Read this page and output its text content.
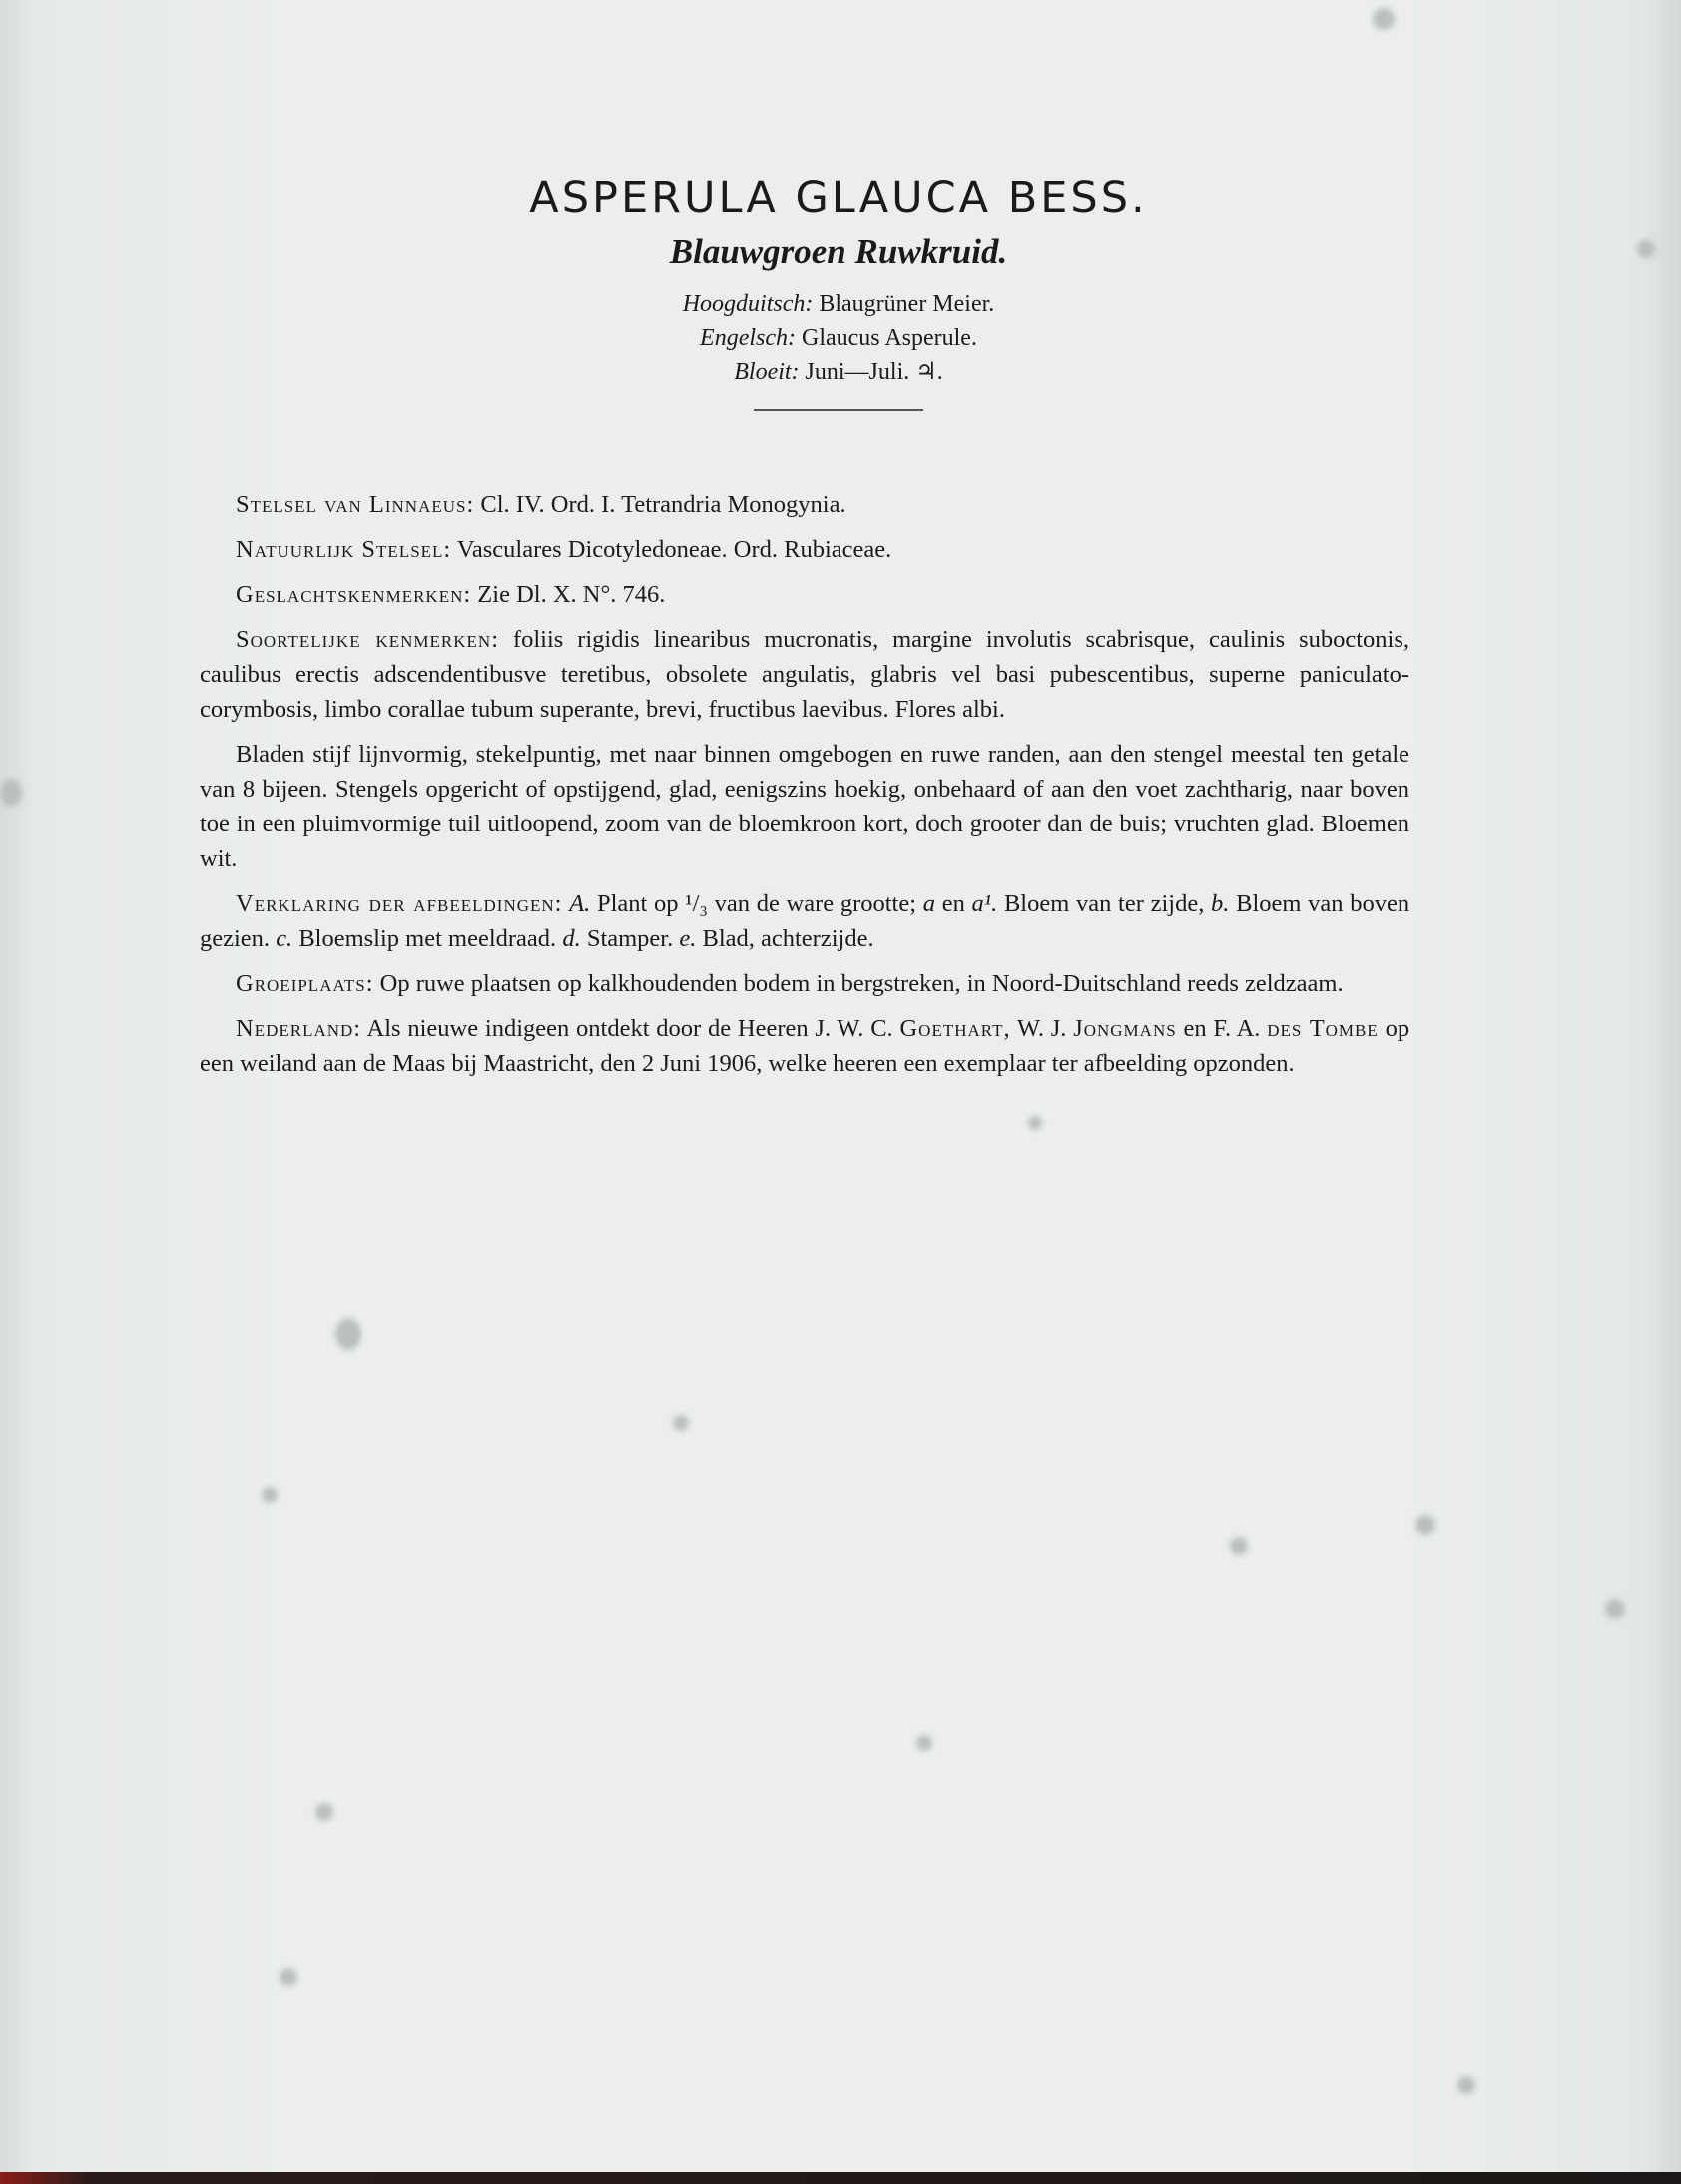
ASPERULA GLAUCA BESS.
Blauwgroen Ruwkruid.

Hoogduitsch: Blaugrüner Meier.

Engelsch: Glaucus Asperule.

Bloeit: Juni—Juli. ♃.

Stelsel van Linnaeus: Cl. IV. Ord. I. Tetrandria Monogynia.

Natuurlijk Stelsel: Vasculares Dicotyledoneae. Ord. Rubiaceae.

Geslachtskenmerken: Zie Dl. X. N°. 746.

Soortelijke kenmerken: foliis rigidis linearibus mucronatis, margine involutis scabrisque, caulinis suboctonis, caulibus erectis adscendentibusve teretibus, obsolete angulatis, glabris vel basi pubescentibus, superne paniculato-corymbosis, limbo corallae tubum superante, brevi, fructibus laevibus. Flores albi.

Bladen stijf lijnvormig, stekelpuntig, met naar binnen omgebogen en ruwe randen, aan den stengel meestal ten getale van 8 bijeen. Stengels opgericht of opstijgend, glad, eenigszins hoekig, onbehaard of aan den voet zachtharig, naar boven toe in een pluimvormige tuil uitloopend, zoom van de bloemkroon kort, doch grooter dan de buis; vruchten glad. Bloemen wit.

Verklaring der afbeeldingen: A. Plant op ¹/₃ van de ware grootte; a en a¹. Bloem van ter zijde, b. Bloem van boven gezien. c. Bloemslip met meeldraad. d. Stamper. e. Blad, achterzijde.

Groeiplaats: Op ruwe plaatsen op kalkhoudenden bodem in bergstreken, in Noord-Duitschland reeds zeldzaam.

Nederland: Als nieuwe indigeen ontdekt door de Heeren J. W. C. Goethart, W. J. Jongmans en F. A. des Tombe op een weiland aan de Maas bij Maastricht, den 2 Juni 1906, welke heeren een exemplaar ter afbeelding opzonden.
